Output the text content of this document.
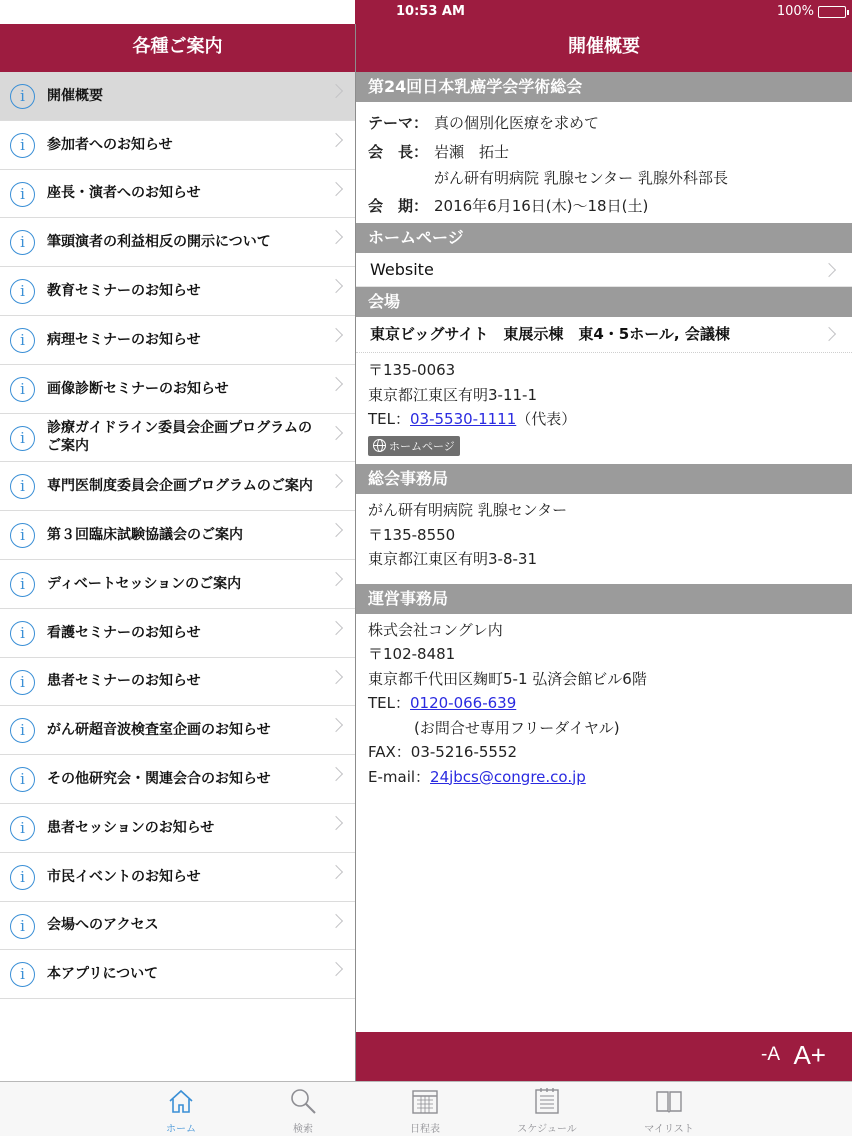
10:53 AM	100%
各種ご案内
i	開催概要
i	参加者へのお知らせ
i	座長・演者へのお知らせ
i	筆頭演者の利益相反の開示について
i	教育セミナーのお知らせ
i	病理セミナーのお知らせ
i	画像診断セミナーのお知らせ
i
診療ガイドライン委員会企画プログラムのご案内
i	専門医制度委員会企画プログラムのご案内
i	第３回臨床試験協議会のご案内
i	ディベートセッションのご案内
i	看護セミナーのお知らせ
i	患者セミナーのお知らせ
i	がん研超音波検査室企画のお知らせ
i	その他研究会・関連会合のお知らせ
i	患者セッションのお知らせ
i	市民イベントのお知らせ
i	会場へのアクセス
i	本アプリについて
開催概要
第24回日本乳癌学会学術総会
テーマ： 真の個別化医療を求めて
会　長： 岩瀬　拓士
がん研有明病院 乳腺センター 乳腺外科部長
会　期： 2016年6月16日(木)〜18日(土)
ホームページ
Website
会場
東京ビッグサイト　東展示棟　東4・5ホール, 会議棟
〒135-0063
東京都江東区有明3-11-1
TEL：03-5530-1111（代表）
ホームページ
総会事務局
がん研有明病院 乳腺センター
〒135-8550
東京都江東区有明3-8-31
運営事務局
株式会社コングレ内
〒102-8481
東京都千代田区麹町5-1 弘済会館ビル6階
TEL：0120-066-639
(お問合せ専用フリーダイヤル)
FAX：03-5216-5552
E-mail：24jbcs@congre.co.jp
-A A+
ホーム	検索	日程表	スケジュール	マイリスト
